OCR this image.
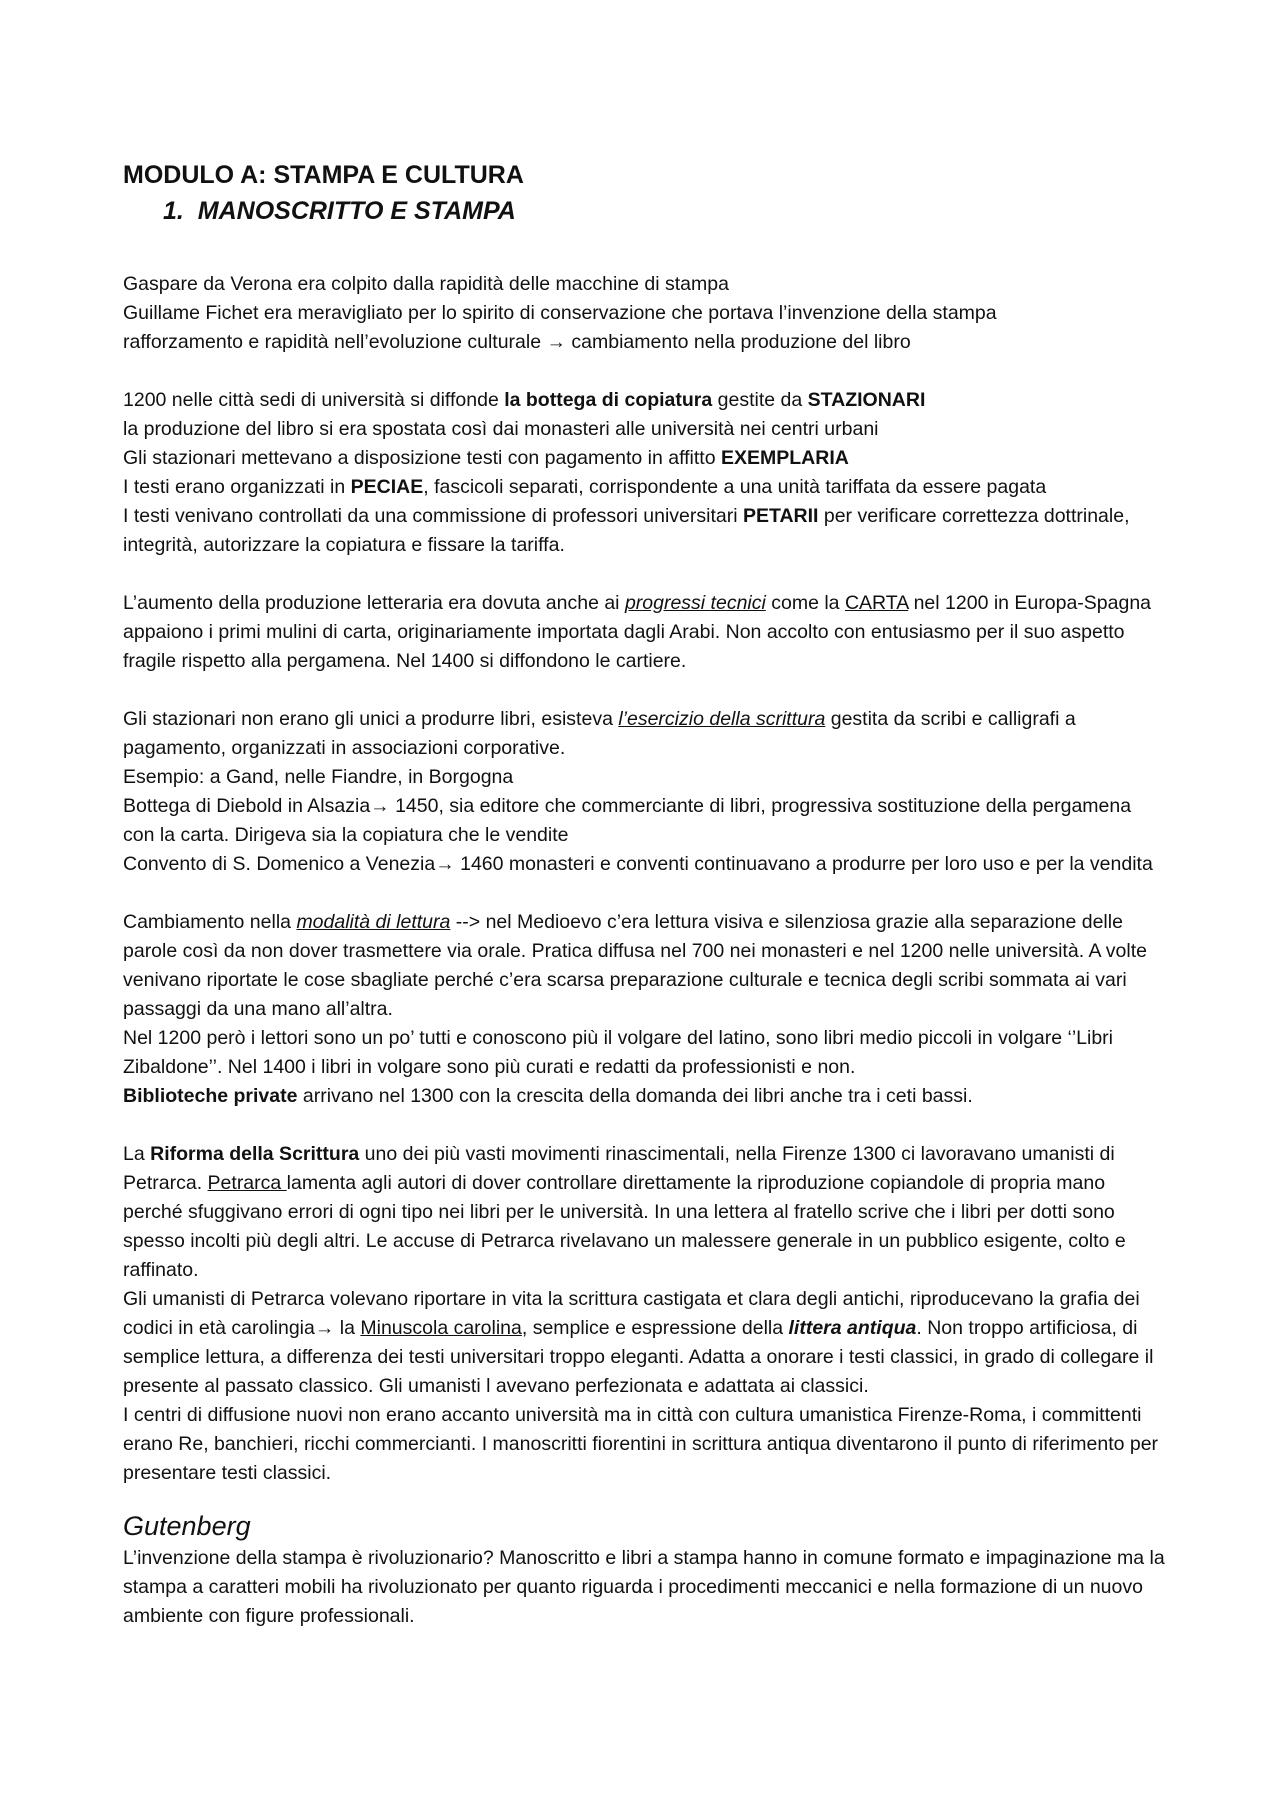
MODULO A: STAMPA E CULTURA
1. MANOSCRITTO E STAMPA

Gaspare da Verona era colpito dalla rapidità delle macchine di stampa

Guillame Fichet era meravigliato per lo spirito di conservazione che portava l’invenzione della stampa

rafforzamento e rapidità nell’evoluzione culturale → cambiamento nella produzione del libro

1200 nelle città sedi di università si diffonde la bottega di copiatura gestite da STAZIONARI

la produzione del libro si era spostata così dai monasteri alle università nei centri urbani

Gli stazionari mettevano a disposizione testi con pagamento in affitto EXEMPLARIA

I testi erano organizzati in PECIAE, fascicoli separati, corrispondente a una unità tariffata da essere pagata

I testi venivano controllati da una commissione di professori universitari PETARII per verificare correttezza dottrinale, integrità, autorizzare la copiatura e fissare la tariffa.

L’aumento della produzione letteraria era dovuta anche ai progressi tecnici come la CARTA nel 1200 in Europa-Spagna appaiono i primi mulini di carta, originariamente importata dagli Arabi. Non accolto con entusiasmo per il suo aspetto fragile rispetto alla pergamena. Nel 1400 si diffondono le cartiere.

Gli stazionari non erano gli unici a produrre libri, esisteva l’esercizio della scrittura gestita da scribi e calligrafi a pagamento, organizzati in associazioni corporative.

Esempio: a Gand, nelle Fiandre, in Borgogna

Bottega di Diebold in Alsazia→ 1450, sia editore che commerciante di libri, progressiva sostituzione della pergamena con la carta. Dirigeva sia la copiatura che le vendite

Convento di S. Domenico a Venezia→ 1460 monasteri e conventi continuavano a produrre per loro uso e per la vendita

Cambiamento nella modalità di lettura --> nel Medioevo c’era lettura visiva e silenziosa grazie alla separazione delle parole così da non dover trasmettere via orale. Pratica diffusa nel 700 nei monasteri e nel 1200 nelle università. A volte venivano riportate le cose sbagliate perché c’era scarsa preparazione culturale e tecnica degli scribi sommata ai vari passaggi da una mano all’altra.

Nel 1200 però i lettori sono un po’ tutti e conoscono più il volgare del latino, sono libri medio piccoli in volgare ‘’Libri Zibaldone’’. Nel 1400 i libri in volgare sono più curati e redatti da professionisti e non.

Biblioteche private arrivano nel 1300 con la crescita della domanda dei libri anche tra i ceti bassi.

La Riforma della Scrittura uno dei più vasti movimenti rinascimentali, nella Firenze 1300 ci lavoravano umanisti di Petrarca. Petrarca lamenta agli autori di dover controllare direttamente la riproduzione copiandole di propria mano perché sfuggivano errori di ogni tipo nei libri per le università. In una lettera al fratello scrive che i libri per dotti sono spesso incolti più degli altri. Le accuse di Petrarca rivelavano un malessere generale in un pubblico esigente, colto e raffinato.

Gli umanisti di Petrarca volevano riportare in vita la scrittura castigata et clara degli antichi, riproducevano la grafia dei codici in età carolingia→ la Minuscola carolina, semplice e espressione della littera antiqua. Non troppo artificiosa, di semplice lettura, a differenza dei testi universitari troppo eleganti. Adatta a onorare i testi classici, in grado di collegare il presente al passato classico. Gli umanisti l avevano perfezionata e adattata ai classici.

I centri di diffusione nuovi non erano accanto università ma in città con cultura umanistica Firenze-Roma, i committenti erano Re, banchieri, ricchi commercianti. I manoscritti fiorentini in scrittura antiqua diventarono il punto di riferimento per presentare testi classici.

Gutenberg

L’invenzione della stampa è rivoluzionario? Manoscritto e libri a stampa hanno in comune formato e impaginazione ma la stampa a caratteri mobili ha rivoluzionato per quanto riguarda i procedimenti meccanici e nella formazione di un nuovo ambiente con figure professionali.
